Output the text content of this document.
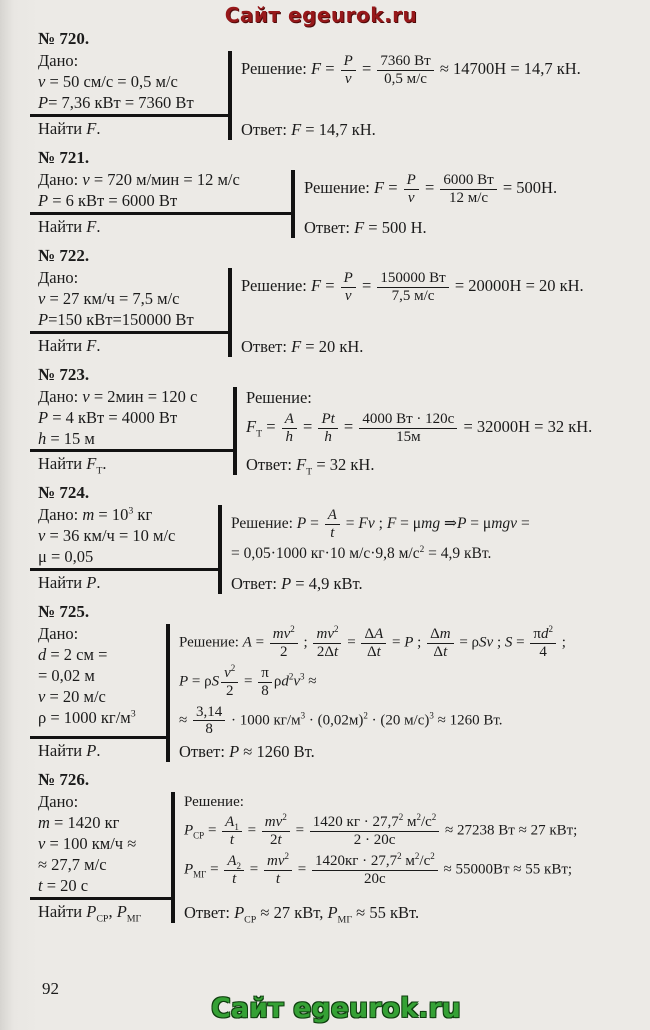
Сайт egeurok.ru
№ 720.
Дано:
v = 50 см/с = 0,5 м/с
P= 7,36 кВт = 7360 Вт
Найти F.
Решение: $F = \frac{P}{v} = \frac{7360 Вт}{0,5 м/с} \approx 14700Н = 14,7$ кН.
Ответ: F = 14,7 кН.
№ 721.
Дано: v = 720 м/мин = 12 м/с
P = 6 кВт = 6000 Вт
Найти F.
Решение: $F = \frac{P}{v} = \frac{6000 Вт}{12 м/с} = 500Н$.
Ответ: F = 500 Н.
№ 722.
Дано:
v = 27 км/ч = 7,5 м/с
P=150 кВт=150000 Вт
Найти F.
Решение: $F = \frac{P}{v} = \frac{150000 Вт}{7,5 м/с} = 20000Н = 20$ кН.
Ответ: F = 20 кН.
№ 723.
Дано: v = 2мин = 120 с
P = 4 кВт = 4000 Вт
h = 15 м
Найти $F_Т$.
Решение:
$F_Т = \frac{A}{h} = \frac{Pt}{h} = \frac{4000 Вт \cdot 120с}{15м} = 32000Н = 32$ кН.
Ответ: $F_Т = 32$ кН.
№ 724.
Дано: $m = 10^3$ кг
v = 36 км/ч = 10 м/с
μ = 0,05
Найти P.
Решение: $P = \frac{A}{t} = Fv$ ; F = μmg ⇒P = μmgv =
= 0,05·1000 кг·10 м/с·9,8 $м/с^2 = 4,9$ кВт.
Ответ: P = 4,9 кВт.
№ 725.
Дано:
d = 2 см =
= 0,02 м
v = 20 м/с
ρ = 1000 $кг/м^3$
Найти P.
Решение: $A = \frac{mv^2}{2}$ ; $\frac{mv^2}{2\Delta t} = \frac{\Delta A}{\Delta t} = P$ ; $\frac{\Delta m}{\Delta t} = \rho Sv$ ; $S = \frac{\pi d^2}{4}$ ;
P = ρS $\frac{v^2}{2} = \frac{\pi}{8} \rho d^2v^3$ ≈
≈ $\frac{3,14}{8} \cdot 1000$ $кг/м^3 \cdot (0,02м)^2 \cdot (20$ м/с)$^3$ ≈ 1260 Вт.
Ответ: P ≈ 1260 Вт.
№ 726.
Дано:
m = 1420 кг
v = 100 км/ч ≈
≈ 27,7 м/с
t = 20 с
Найти $P_{СР}$, $P_{МГ}$
Решение:
$P_{СР} = \frac{A_1}{t} = \frac{mv^2}{2t} = \frac{1420 кг \cdot 27,7^2 м^2/с^2}{2 \cdot 20с} \approx 27238$ Вт ≈ 27 кВт;
$P_{МГ} = \frac{A_2}{t} = \frac{mv^2}{t} = \frac{1420кг \cdot 27,7^2 м^2/с^2}{20с} \approx 55000Вт \approx 55$ кВт;
Ответ: $P_{СР} \approx 27$ кВт, $P_{МГ} \approx 55$ кВт.
92
Сайт egeurok.ru
